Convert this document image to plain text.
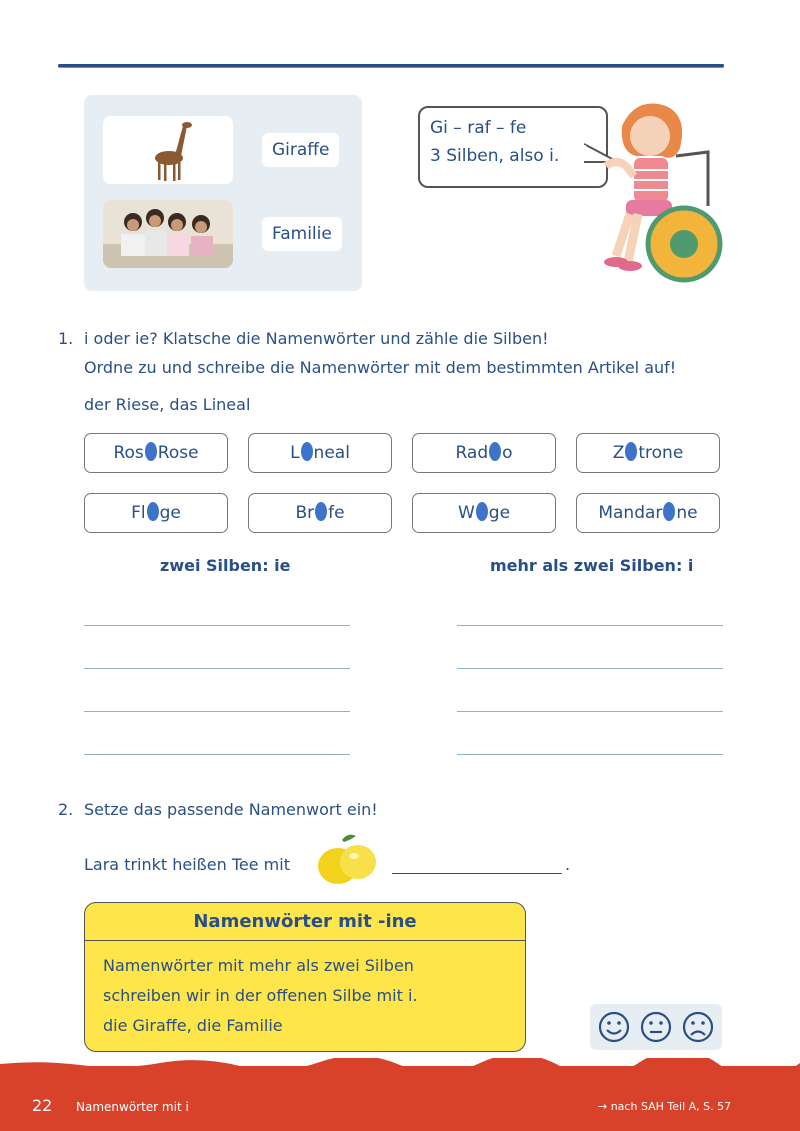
Giraffe
Familie
Gi – raf – fe
3 Silben, also i.
1. i oder ie? Klatsche die Namenwörter und zähle die Silben!
Ordne zu und schreibe die Namenwörter mit dem bestimmten Artikel auf!
der Riese, das Lineal
Ros Rose	L neal	Rad o	Z trone
Fl ge	Br fe	W ge	Mandar ne
zwei Silben: ie	mehr als zwei Silben: i
2. Setze das passende Namenwort ein!
Lara trinkt heißen Tee mit	.
Namenwörter mit -ine
Namenwörter mit mehr als zwei Silben
schreiben wir in der offenen Silbe mit i.
die Giraffe, die Familie
22 Namenwörter mit i	→ nach SAH Teil A, S. 57
